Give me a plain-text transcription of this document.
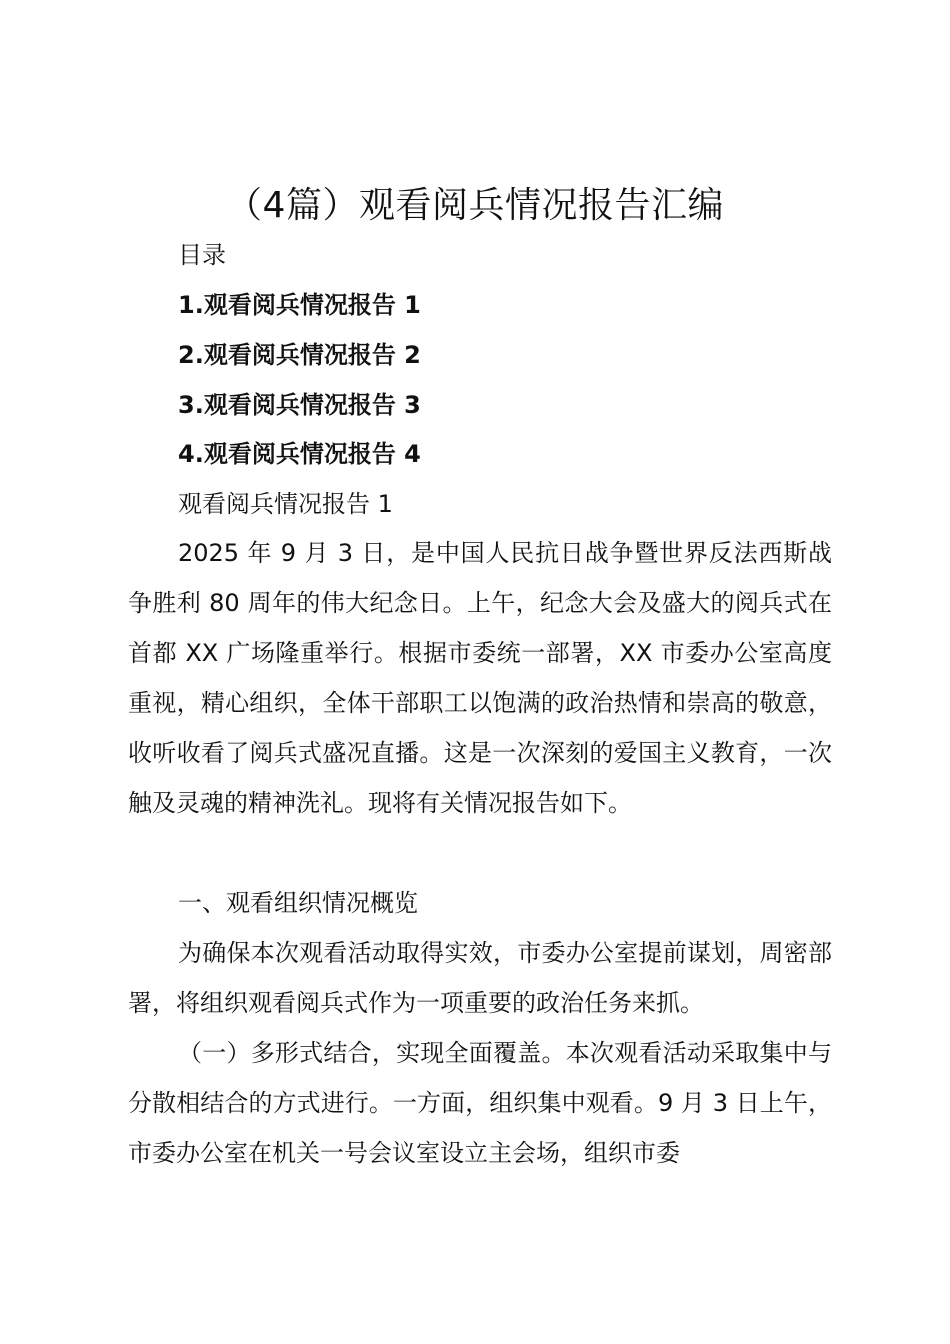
（4篇）观看阅兵情况报告汇编

目录

1.观看阅兵情况报告 1

2.观看阅兵情况报告 2

3.观看阅兵情况报告 3

4.观看阅兵情况报告 4

观看阅兵情况报告 1

2025 年 9 月 3 日，是中国人民抗日战争暨世界反法西斯战争胜利 80 周年的伟大纪念日。上午，纪念大会及盛大的阅兵式在首都 XX 广场隆重举行。根据市委统一部署，XX 市委办公室高度重视，精心组织，全体干部职工以饱满的政治热情和崇高的敬意，收听收看了阅兵式盛况直播。这是一次深刻的爱国主义教育，一次触及灵魂的精神洗礼。现将有关情况报告如下。

一、观看组织情况概览

为确保本次观看活动取得实效，市委办公室提前谋划，周密部署，将组织观看阅兵式作为一项重要的政治任务来抓。

（一）多形式结合，实现全面覆盖。本次观看活动采取集中与分散相结合的方式进行。一方面，组织集中观看。9 月 3 日上午，市委办公室在机关一号会议室设立主会场，组织市委
